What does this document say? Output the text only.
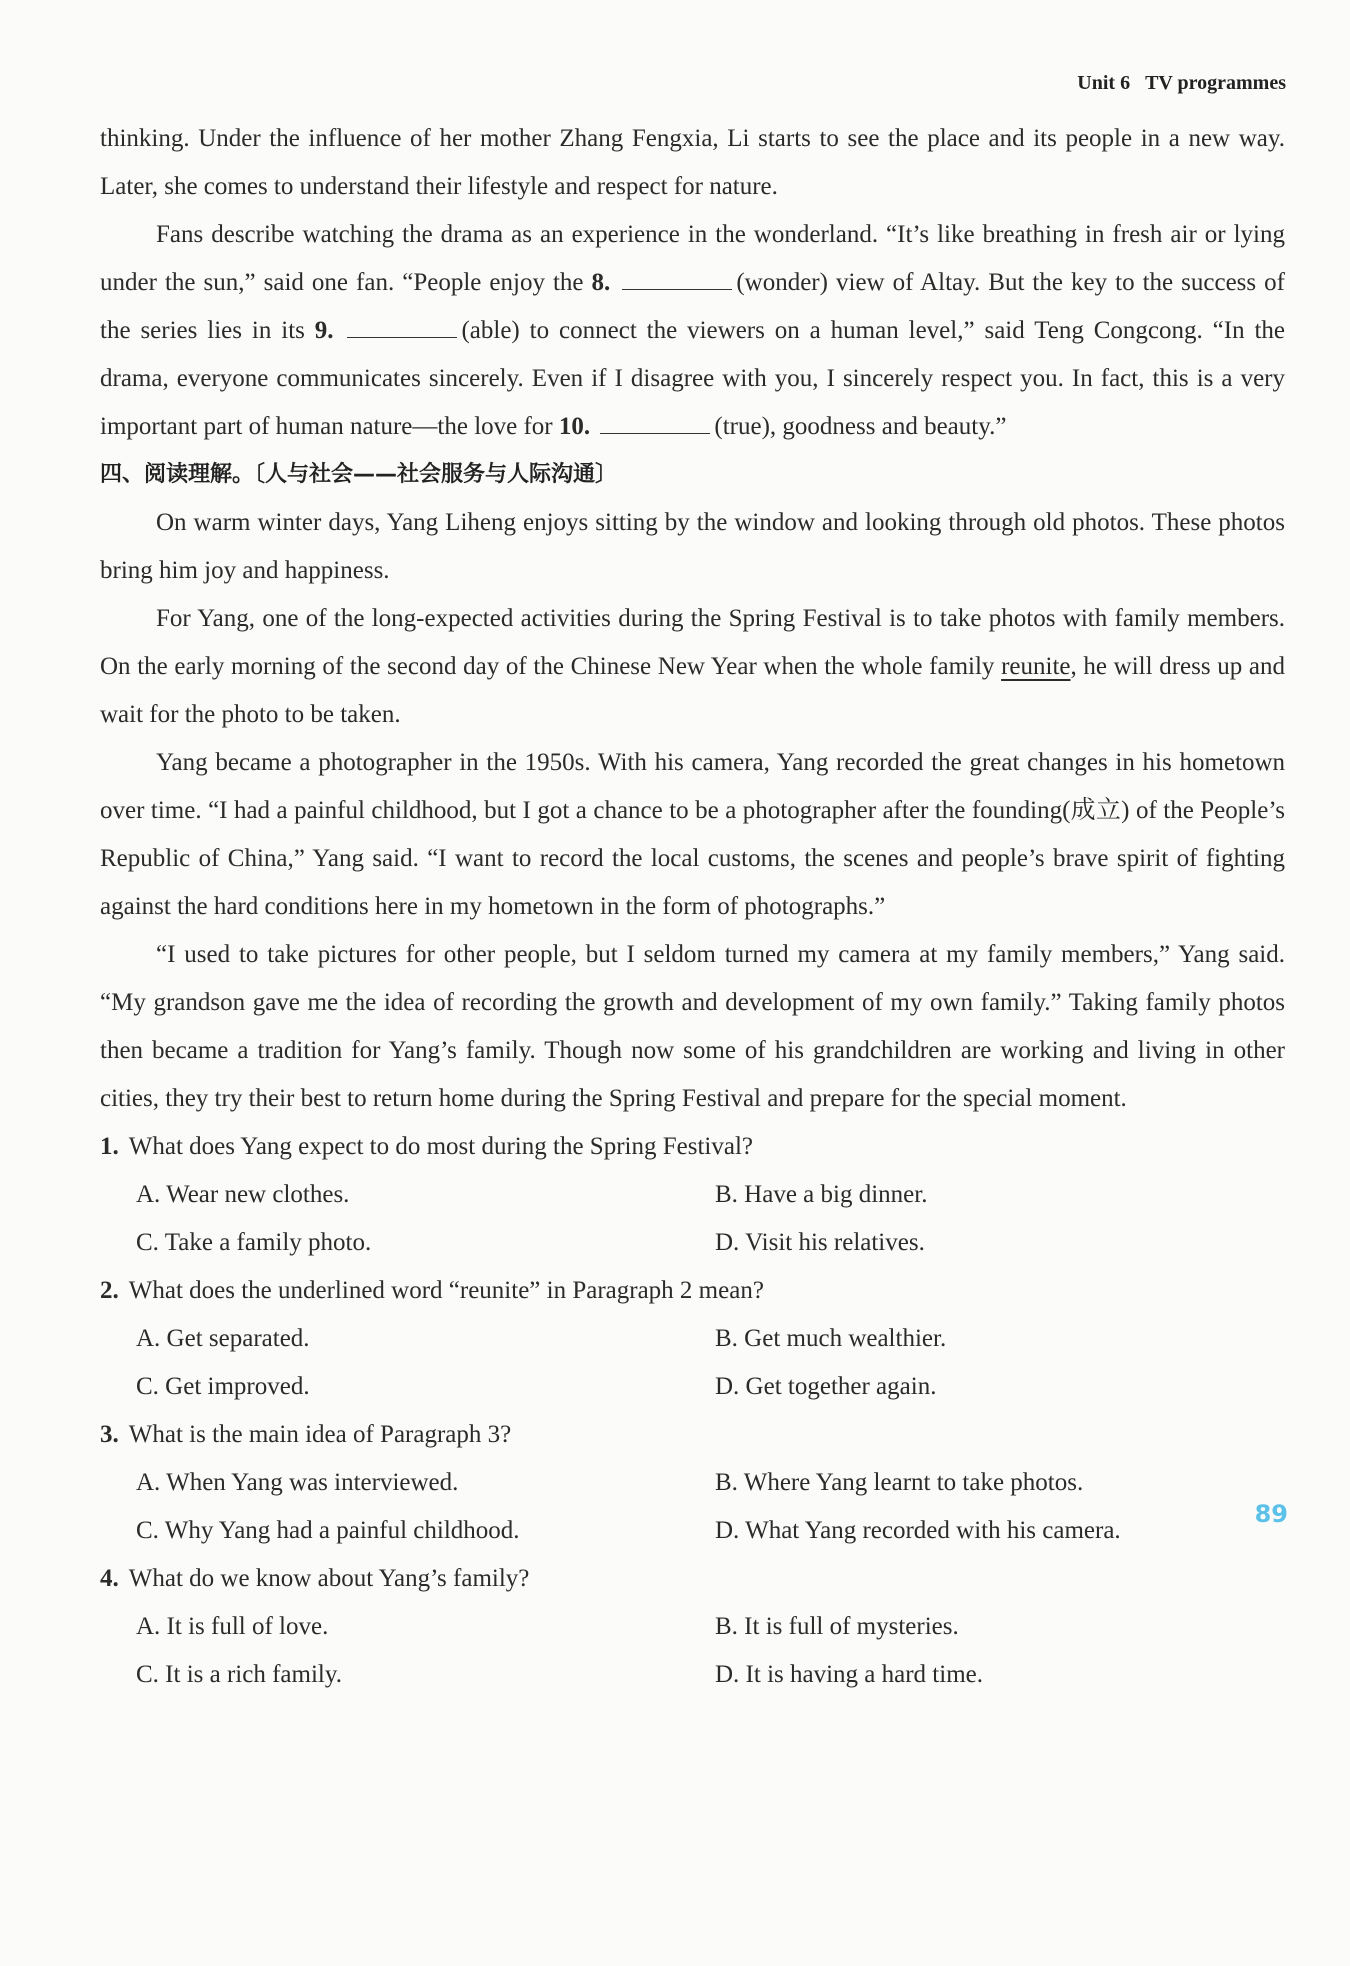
Unit 6 TV programmes

thinking. Under the influence of her mother Zhang Fengxia, Li starts to see the place and its people in a new way. Later, she comes to understand their lifestyle and respect for nature.

Fans describe watching the drama as an experience in the wonderland. “It’s like breathing in fresh air or lying under the sun,” said one fan. “People enjoy the 8.	(wonder) view of Altay. But the key to the success of the series lies in its 9.	(able) to connect the viewers on a human level,” said Teng Congcong. “In the drama, everyone communicates sincerely. Even if I disagree with you, I sincerely respect you. In fact, this is a very important part of human nature—the love for 10.	(true), goodness and beauty.”

四、阅读理解。〔人与社会——社会服务与人际沟通〕

On warm winter days, Yang Liheng enjoys sitting by the window and looking through old photos. These photos bring him joy and happiness.

For Yang, one of the long-expected activities during the Spring Festival is to take photos with family members. On the early morning of the second day of the Chinese New Year when the whole family reunite, he will dress up and wait for the photo to be taken.

Yang became a photographer in the 1950s. With his camera, Yang recorded the great changes in his hometown over time. “I had a painful childhood, but I got a chance to be a photographer after the founding(成立) of the People’s Republic of China,” Yang said. “I want to record the local customs, the scenes and people’s brave spirit of fighting against the hard conditions here in my hometown in the form of photographs.”

“I used to take pictures for other people, but I seldom turned my camera at my family members,” Yang said. “My grandson gave me the idea of recording the growth and development of my own family.” Taking family photos then became a tradition for Yang’s family. Though now some of his grandchildren are working and living in other cities, they try their best to return home during the Spring Festival and prepare for the special moment.

1. What does Yang expect to do most during the Spring Festival?

A. Wear new clothes.	B. Have a big dinner.
C. Take a family photo.	D. Visit his relatives.

2. What does the underlined word “reunite” in Paragraph 2 mean?

A. Get separated.	B. Get much wealthier.
C. Get improved.	D. Get together again.

3. What is the main idea of Paragraph 3?

A. When Yang was interviewed.	B. Where Yang learnt to take photos.
C. Why Yang had a painful childhood.	D. What Yang recorded with his camera.

4. What do we know about Yang’s family?

A. It is full of love.	B. It is full of mysteries.
C. It is a rich family.	D. It is having a hard time.
89
